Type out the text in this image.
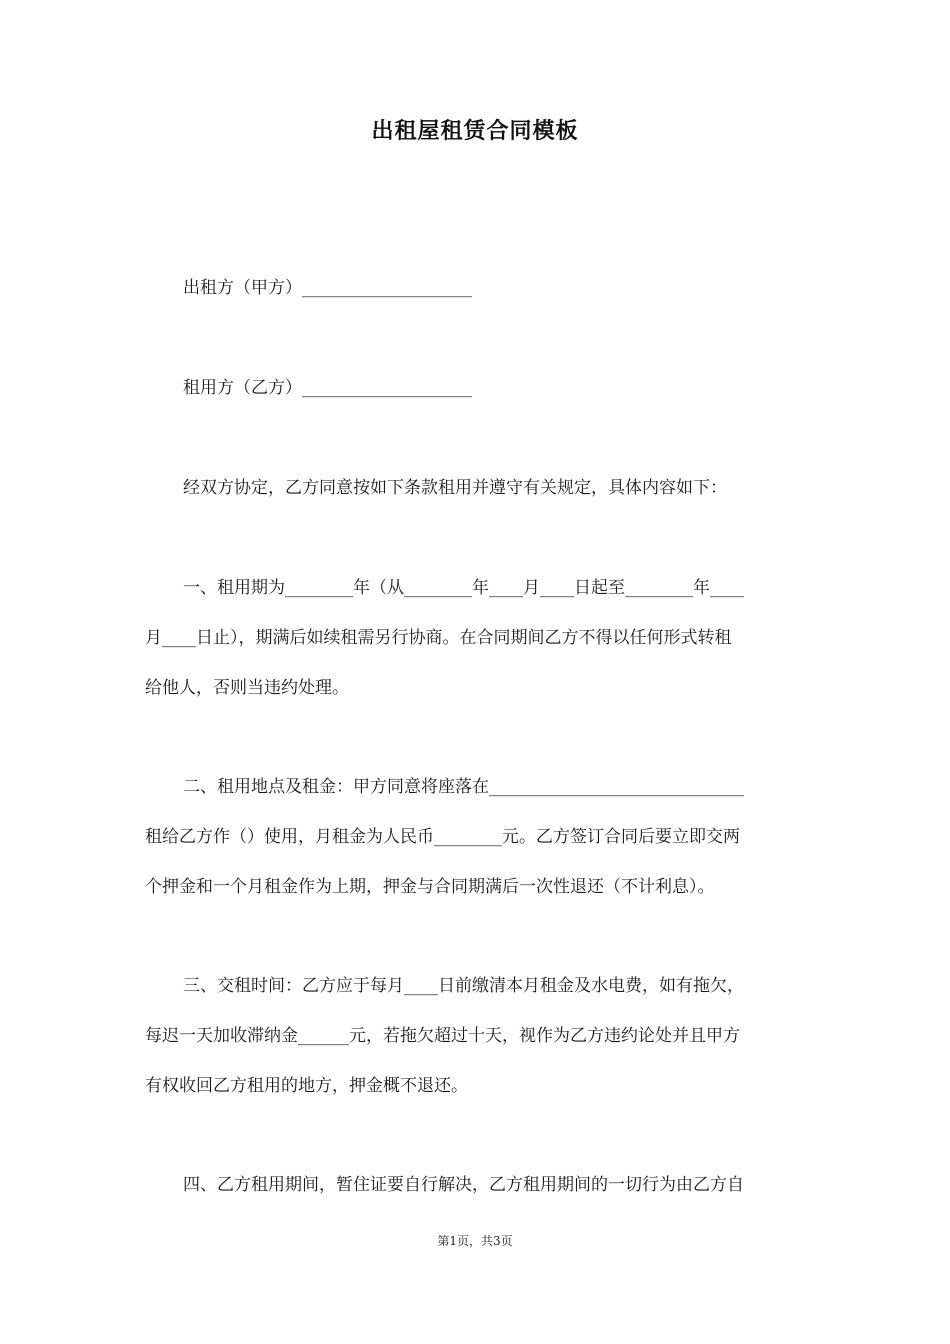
出租屋租赁合同模板
出租方（甲方）____________________
租用方（乙方）____________________
经双方协定，乙方同意按如下条款租用并遵守有关规定，具体内容如下：
一、租用期为________年（从________年____月____日起至________年____
月____日止），期满后如续租需另行协商。在合同期间乙方不得以任何形式转租
给他人，否则当违约处理。
二、租用地点及租金：甲方同意将座落在______________________________
租给乙方作（）使用，月租金为人民币________元。乙方签订合同后要立即交两
个押金和一个月租金作为上期，押金与合同期满后一次性退还（不计利息）。
三、交租时间：乙方应于每月____日前缴清本月租金及水电费，如有拖欠，
每迟一天加收滞纳金______元，若拖欠超过十天，视作为乙方违约论处并且甲方
有权收回乙方租用的地方，押金概不退还。
四、乙方租用期间，暂住证要自行解决，乙方租用期间的一切行为由乙方自
第1页，共3页
